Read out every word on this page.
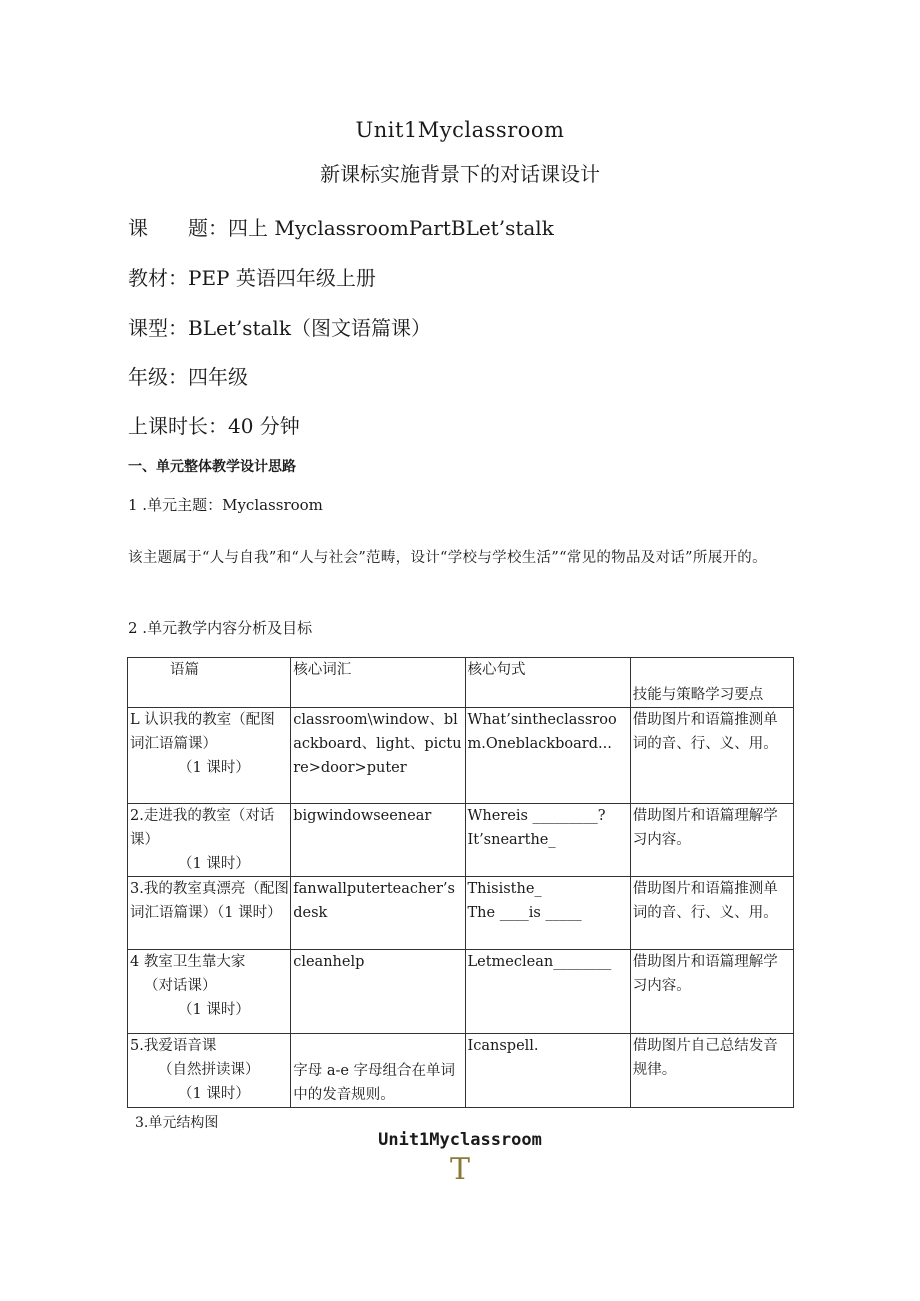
Unit1Myclassroom
新课标实施背景下的对话课设计
课　　题：四上 MyclassroomPartBLet’stalk
教材：PEP 英语四年级上册
课型：BLet’stalk（图文语篇课）
年级：四年级
上课时长：40 分钟
一、单元整体教学设计思路
1 .单元主题：Myclassroom
该主题属于“人与自我”和“人与社会”范畴，设计“学校与学校生活”“常见的物品及对话”所展开的。
2 .单元教学内容分析及目标
语篇	核心词汇	核心句式	技能与策略学习要点
L 认识我的教室（配图词汇语篇课）
（1 课时）	classroom\window、blackboard、light、picture>door>puter	What’sintheclassroom.Oneblackboard...	借助图片和语篇推测单词的音、行、义、用。
2.走进我的教室（对话课）
（1 课时）	bigwindowseenear	Whereis _________?
It’snearthe_	借助图片和语篇理解学习内容。
3.我的教室真漂亮（配图词汇语篇课）（1 课时）	fanwallputerteacher’sdesk	Thisisthe_
The ____is _____	借助图片和语篇推测单词的音、行、义、用。
4 教室卫生靠大家
（对话课）
（1 课时）	cleanhelp	Letmeclean________	借助图片和语篇理解学习内容。
5.我爱语音课
（自然拼读课）
（1 课时）	字母 a-e 字母组合在单词中的发音规则。	Icanspell.	借助图片自己总结发音规律。
3.单元结构图
Unit1Myclassroom
T
